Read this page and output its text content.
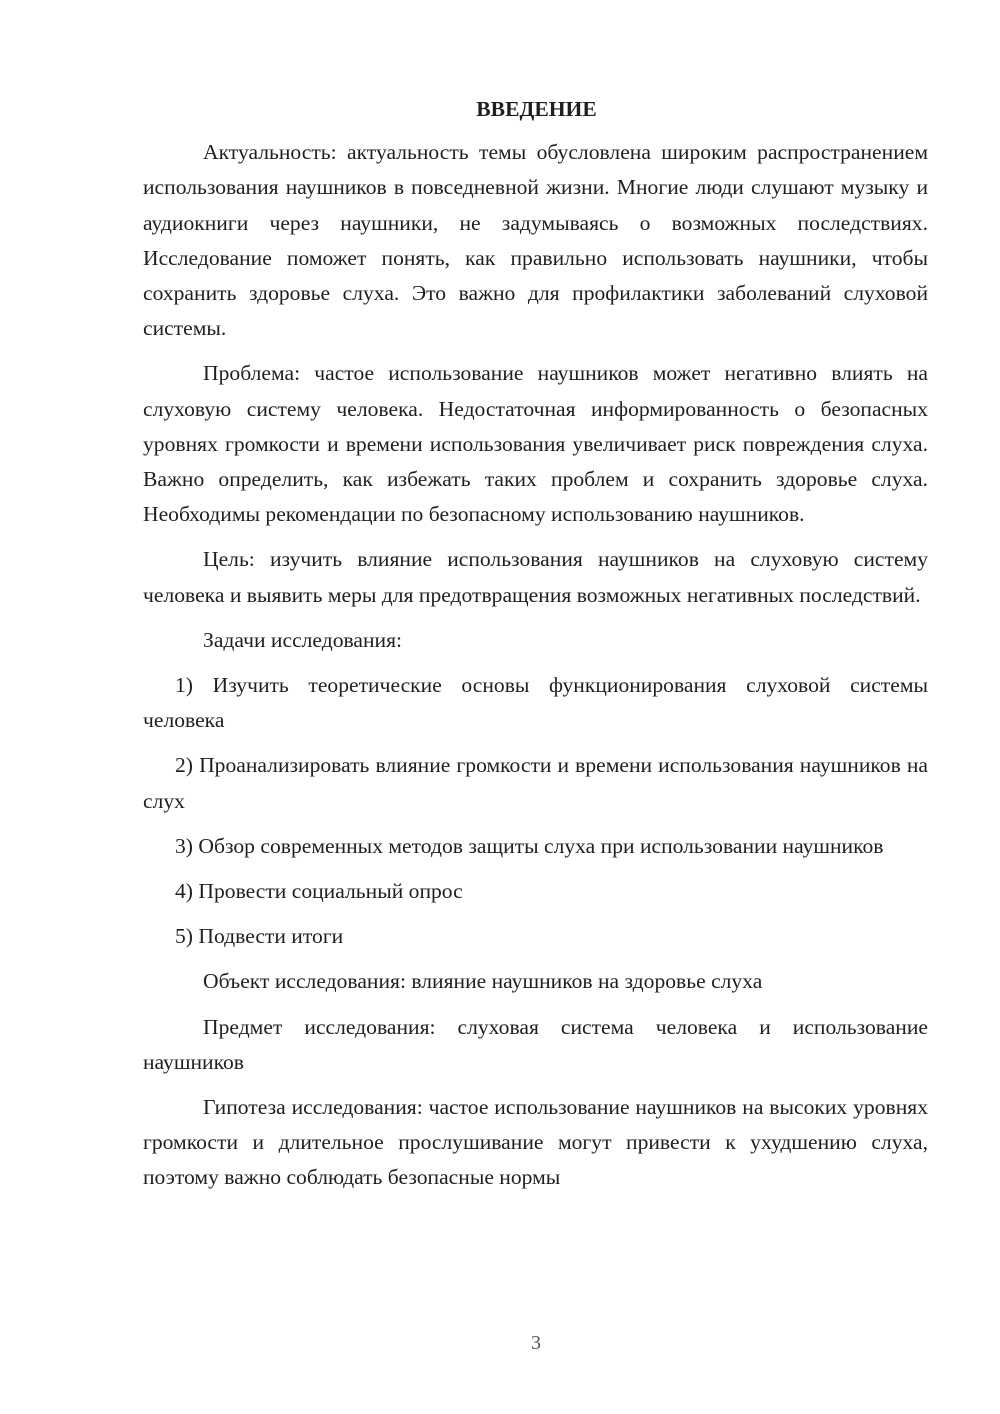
ВВЕДЕНИЕ

Актуальность: актуальность темы обусловлена широким распространением использования наушников в повседневной жизни. Многие люди слушают музыку и аудиокниги через наушники, не задумываясь о возможных последствиях. Исследование поможет понять, как правильно использовать наушники, чтобы сохранить здоровье слуха. Это важно для профилактики заболеваний слуховой системы.

Проблема: частое использование наушников может негативно влиять на слуховую систему человека. Недостаточная информированность о безопасных уровнях громкости и времени использования увеличивает риск повреждения слуха. Важно определить, как избежать таких проблем и сохранить здоровье слуха. Необходимы рекомендации по безопасному использованию наушников.

Цель: изучить влияние использования наушников на слуховую систему человека и выявить меры для предотвращения возможных негативных последствий.

Задачи исследования:

1) Изучить теоретические основы функционирования слуховой системы человека

2) Проанализировать влияние громкости и времени использования наушников на слух

3) Обзор современных методов защиты слуха при использовании наушников

4) Провести социальный опрос

5) Подвести итоги

Объект исследования: влияние наушников на здоровье слуха

Предмет исследования: слуховая система человека и использование наушников

Гипотеза исследования: частое использование наушников на высоких уровнях громкости и длительное прослушивание могут привести к ухудшению слуха, поэтому важно соблюдать безопасные нормы

3
